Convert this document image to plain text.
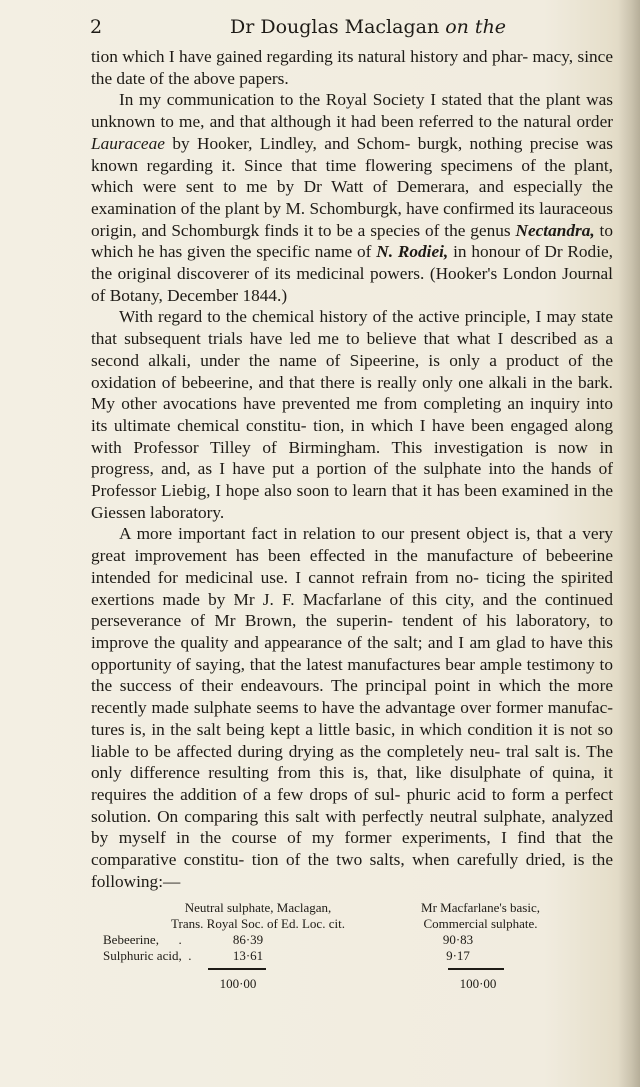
2	Dr Douglas Maclagan on the

tion which I have gained regarding its natural history and phar- macy, since the date of the above papers.

In my communication to the Royal Society I stated that the plant was unknown to me, and that although it had been referred to the natural order Lauraceae by Hooker, Lindley, and Schom- burgk, nothing precise was known regarding it. Since that time flowering specimens of the plant, which were sent to me by Dr Watt of Demerara, and especially the examination of the plant by M. Schomburgk, have confirmed its lauraceous origin, and Schomburgk finds it to be a species of the genus Nectandra, to which he has given the specific name of N. Rodiei, in honour of Dr Rodie, the original discoverer of its medicinal powers. (Hooker's London Journal of Botany, December 1844.)

With regard to the chemical history of the active principle, I may state that subsequent trials have led me to believe that what I described as a second alkali, under the name of Sipeerine, is only a product of the oxidation of bebeerine, and that there is really only one alkali in the bark. My other avocations have prevented me from completing an inquiry into its ultimate chemical constitu- tion, in which I have been engaged along with Professor Tilley of Birmingham. This investigation is now in progress, and, as I have put a portion of the sulphate into the hands of Professor Liebig, I hope also soon to learn that it has been examined in the Giessen laboratory.

A more important fact in relation to our present object is, that a very great improvement has been effected in the manufacture of bebeerine intended for medicinal use. I cannot refrain from no- ticing the spirited exertions made by Mr J. F. Macfarlane of this city, and the continued perseverance of Mr Brown, the superin- tendent of his laboratory, to improve the quality and appearance of the salt; and I am glad to have this opportunity of saying, that the latest manufactures bear ample testimony to the success of their endeavours. The principal point in which the more recently made sulphate seems to have the advantage over former manufac- tures is, in the salt being kept a little basic, in which condition it is not so liable to be affected during drying as the completely neu- tral salt is. The only difference resulting from this is, that, like disulphate of quina, it requires the addition of a few drops of sul- phuric acid to form a perfect solution. On comparing this salt with perfectly neutral sulphate, analyzed by myself in the course of my former experiments, I find that the comparative constitu- tion of the two salts, when carefully dried, is the following:—

Neutral sulphate, Maclagan,
Trans. Royal Soc. of Ed. Loc. cit.
Mr Macfarlane's basic,
Commercial sulphate.
Bebeerine, .	86·39	90·83
Sulphuric acid, .	13·61	9·17
100·00	100·00
